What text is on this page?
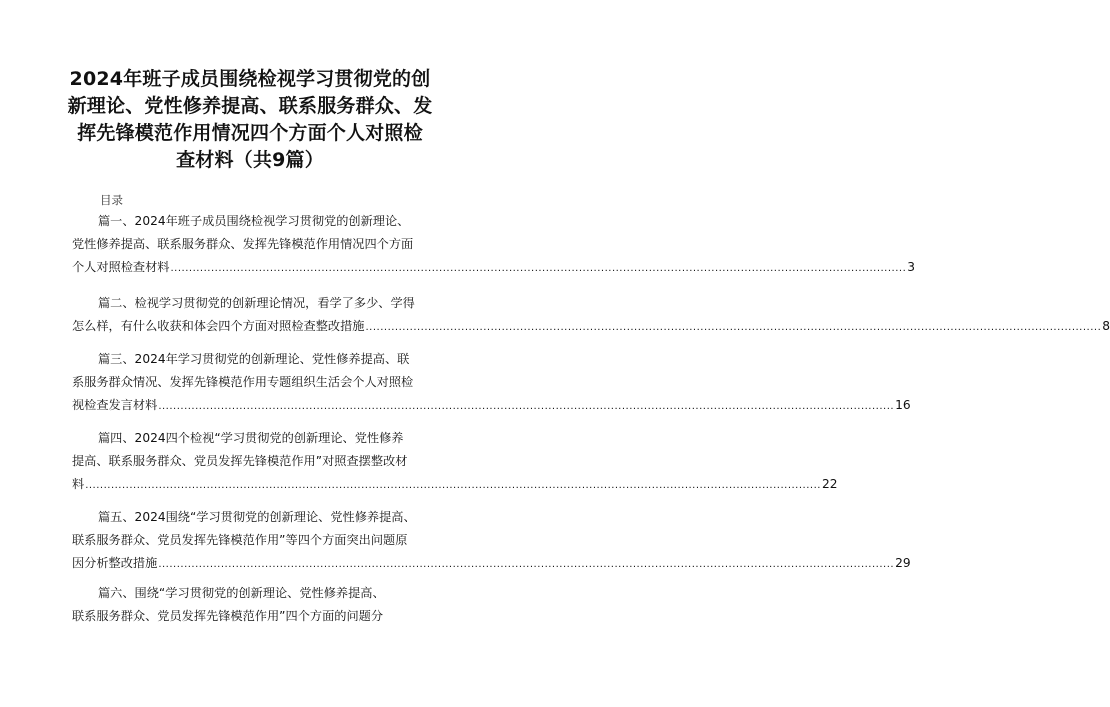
2024年班子成员围绕检视学习贯彻党的创
新理论、党性修养提高、联系服务群众、发
挥先锋模范作用情况四个方面个人对照检
查材料（共9篇）
目录
篇一、2024年班子成员围绕检视学习贯彻党的创新理论、
党性修养提高、联系服务群众、发挥先锋模范作用情况四个方面
个人对照检查材料 ........................................................................................................................................................................................................ 3
篇二、检视学习贯彻党的创新理论情况，看学了多少、学得
怎么样，有什么收获和体会四个方面对照检查整改措施 ........................................................................................................................................................................................................ 8
篇三、2024年学习贯彻党的创新理论、党性修养提高、联
系服务群众情况、发挥先锋模范作用专题组织生活会个人对照检
视检查发言材料 ........................................................................................................................................................................................................ 16
篇四、2024四个检视“学习贯彻党的创新理论、党性修养
提高、联系服务群众、党员发挥先锋模范作用”对照查摆整改材
料 ........................................................................................................................................................................................................ 22
篇五、2024围绕“学习贯彻党的创新理论、党性修养提高、
联系服务群众、党员发挥先锋模范作用”等四个方面突出问题原
因分析整改措施 ........................................................................................................................................................................................................ 29
篇六、围绕“学习贯彻党的创新理论、党性修养提高、
联系服务群众、党员发挥先锋模范作用”四个方面的问题分
